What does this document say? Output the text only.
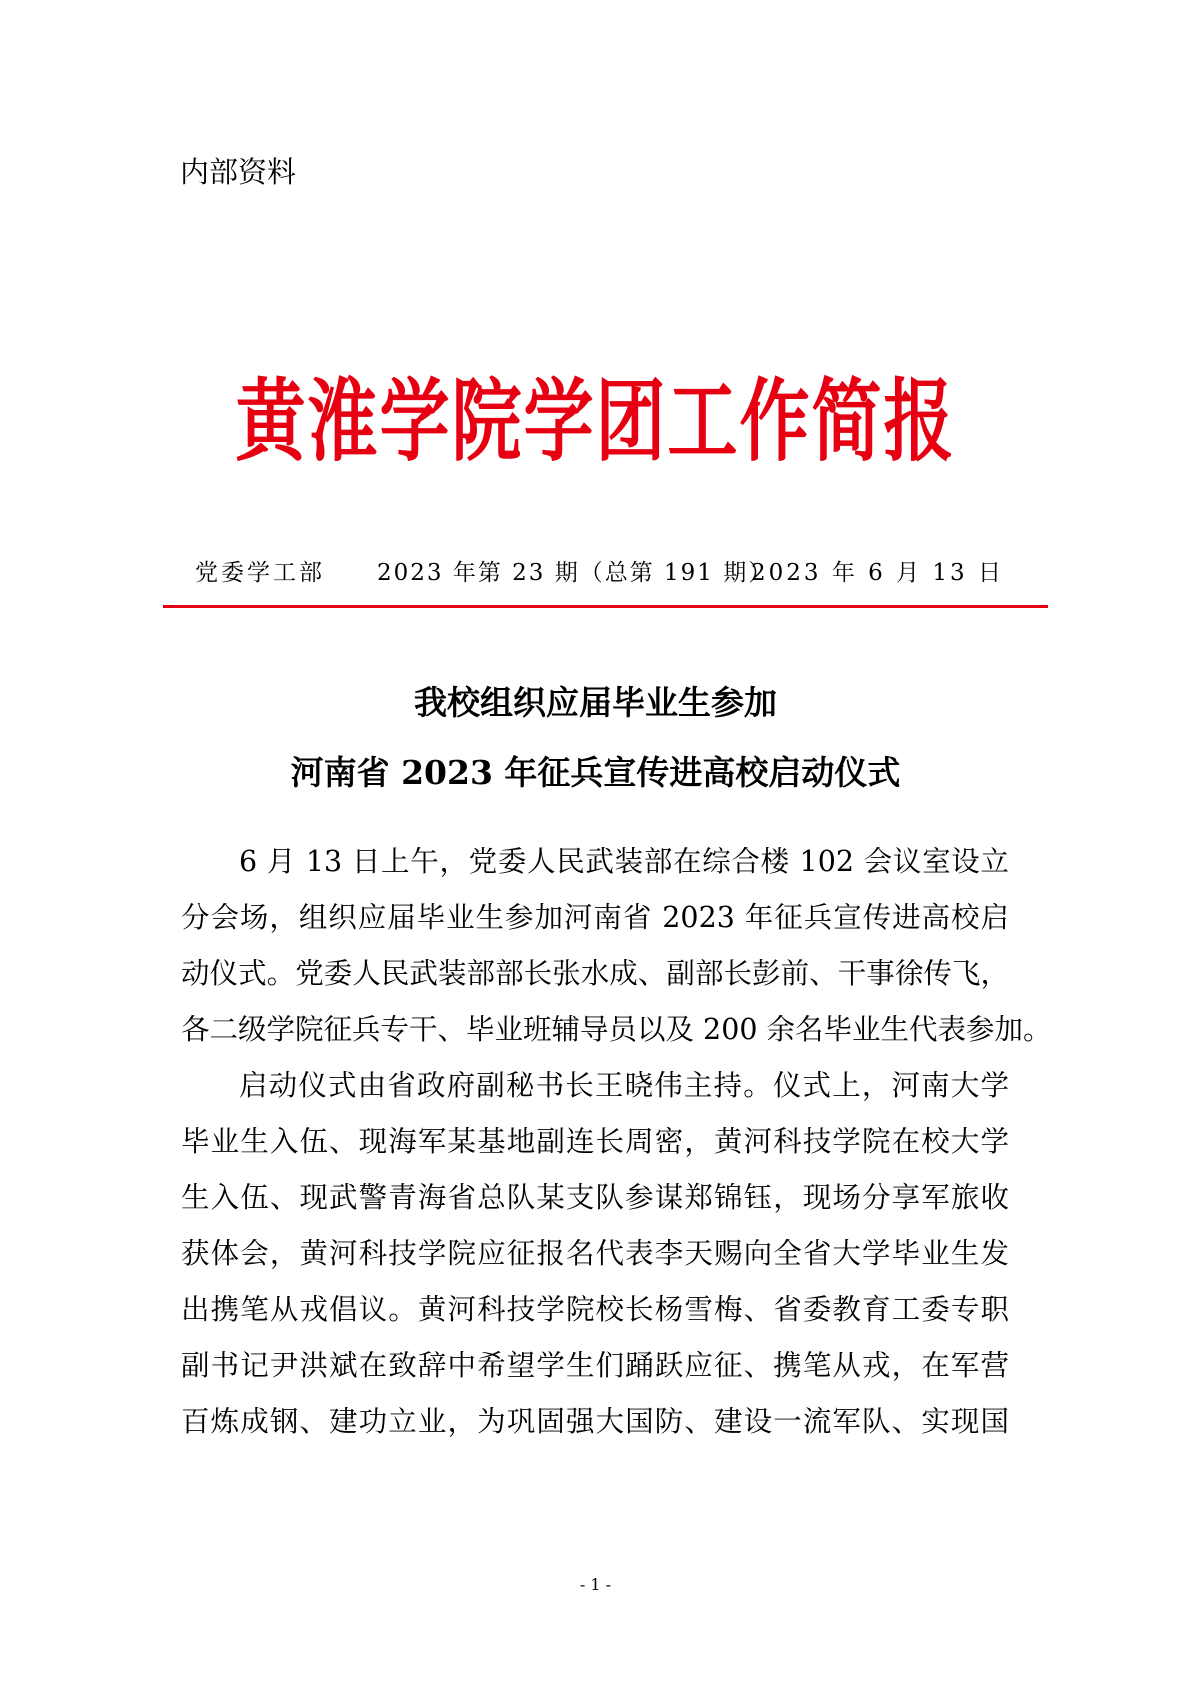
内部资料
黄淮学院学团工作简报
党委学工部 2023 年第 23 期（总第 191 期）
2023 年 6 月 13 日
我校组织应届毕业生参加
河南省 2023 年征兵宣传进高校启动仪式
6 月 13 日上午，党委人民武装部在综合楼 102 会议室设立
分会场，组织应届毕业生参加河南省 2023 年征兵宣传进高校启
动仪式。党委人民武装部部长张水成、副部长彭前、干事徐传飞，
各二级学院征兵专干、毕业班辅导员以及 200 余名毕业生代表参加。
启动仪式由省政府副秘书长王晓伟主持。仪式上，河南大学
毕业生入伍、现海军某基地副连长周密，黄河科技学院在校大学
生入伍、现武警青海省总队某支队参谋郑锦钰，现场分享军旅收
获体会，黄河科技学院应征报名代表李天赐向全省大学毕业生发
出携笔从戎倡议。黄河科技学院校长杨雪梅、省委教育工委专职
副书记尹洪斌在致辞中希望学生们踊跃应征、携笔从戎，在军营
百炼成钢、建功立业，为巩固强大国防、建设一流军队、实现国
- 1 -
